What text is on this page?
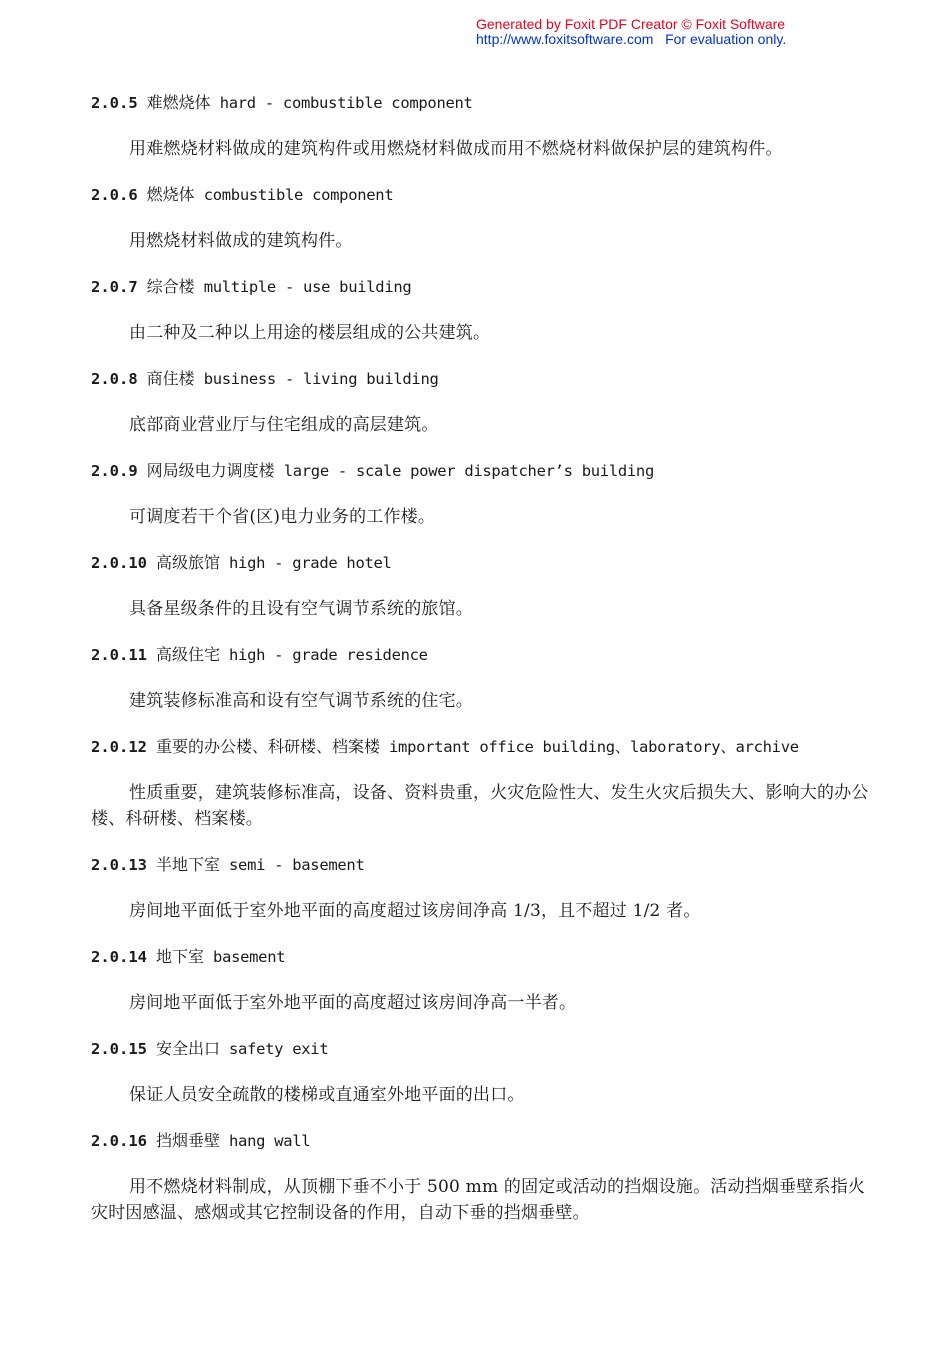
Generated by Foxit PDF Creator © Foxit Software
http://www.foxitsoftware.com For evaluation only.
2.0.5 难燃烧体 hard - combustible component
用难燃烧材料做成的建筑构件或用燃烧材料做成而用不燃烧材料做保护层的建筑构件。
2.0.6 燃烧体 combustible component
用燃烧材料做成的建筑构件。
2.0.7 综合楼 multiple - use building
由二种及二种以上用途的楼层组成的公共建筑。
2.0.8 商住楼 business - living building
底部商业营业厅与住宅组成的高层建筑。
2.0.9 网局级电力调度楼 large - scale power dispatcher’s building
可调度若干个省(区)电力业务的工作楼。
2.0.10 高级旅馆 high - grade hotel
具备星级条件的且设有空气调节系统的旅馆。
2.0.11 高级住宅 high - grade residence
建筑装修标准高和设有空气调节系统的住宅。
2.0.12 重要的办公楼、科研楼、档案楼 important office building、laboratory、archive
性质重要，建筑装修标准高，设备、资料贵重，火灾危险性大、发生火灾后损失大、影响大的办公楼、科研楼、档案楼。
2.0.13 半地下室 semi - basement
房间地平面低于室外地平面的高度超过该房间净高 1/3，且不超过 1/2 者。
2.0.14 地下室 basement
房间地平面低于室外地平面的高度超过该房间净高一半者。
2.0.15 安全出口 safety exit
保证人员安全疏散的楼梯或直通室外地平面的出口。
2.0.16 挡烟垂壁 hang wall
用不燃烧材料制成，从顶棚下垂不小于 500 mm 的固定或活动的挡烟设施。活动挡烟垂壁系指火灾时因感温、感烟或其它控制设备的作用，自动下垂的挡烟垂壁。
